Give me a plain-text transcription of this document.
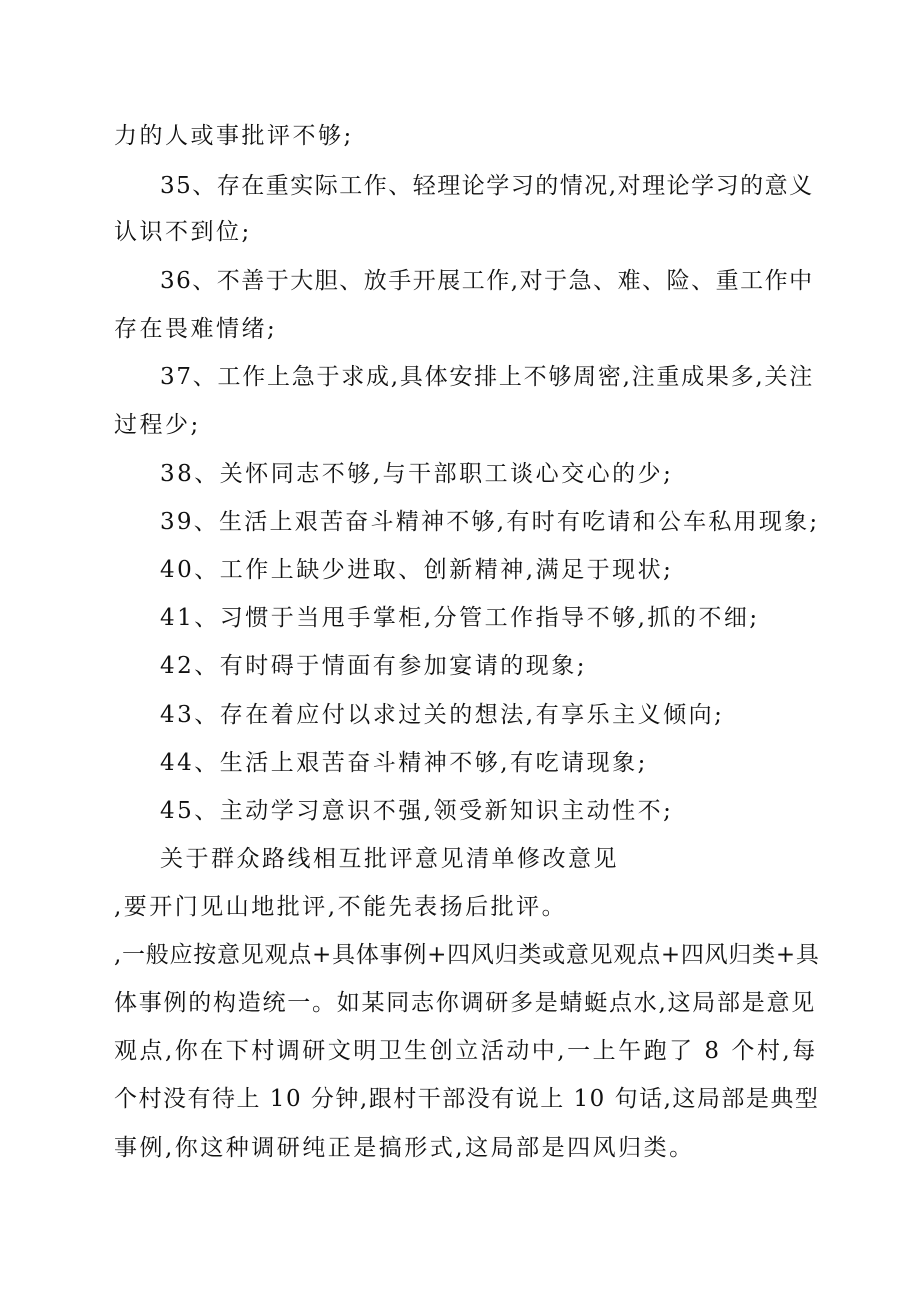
力的人或事批评不够;

35、存在重实际工作、轻理论学习的情况,对理论学习的意义

认识不到位;

36、不善于大胆、放手开展工作,对于急、难、险、重工作中

存在畏难情绪;

37、工作上急于求成,具体安排上不够周密,注重成果多,关注

过程少;

38、关怀同志不够,与干部职工谈心交心的少;

39、生活上艰苦奋斗精神不够,有时有吃请和公车私用现象;

40、工作上缺少进取、创新精神,满足于现状;

41、习惯于当甩手掌柜,分管工作指导不够,抓的不细;

42、有时碍于情面有参加宴请的现象;

43、存在着应付以求过关的想法,有享乐主义倾向;

44、生活上艰苦奋斗精神不够,有吃请现象;

45、主动学习意识不强,领受新知识主动性不;

关于群众路线相互批评意见清单修改意见

,要开门见山地批评,不能先表扬后批评。

,一般应按意见观点+具体事例+四风归类或意见观点+四风归类+具

体事例的构造统一。如某同志你调研多是蜻蜓点水,这局部是意见

观点,你在下村调研文明卫生创立活动中,一上午跑了 8 个村,每

个村没有待上 10 分钟,跟村干部没有说上 10 句话,这局部是典型

事例,你这种调研纯正是搞形式,这局部是四风归类。
